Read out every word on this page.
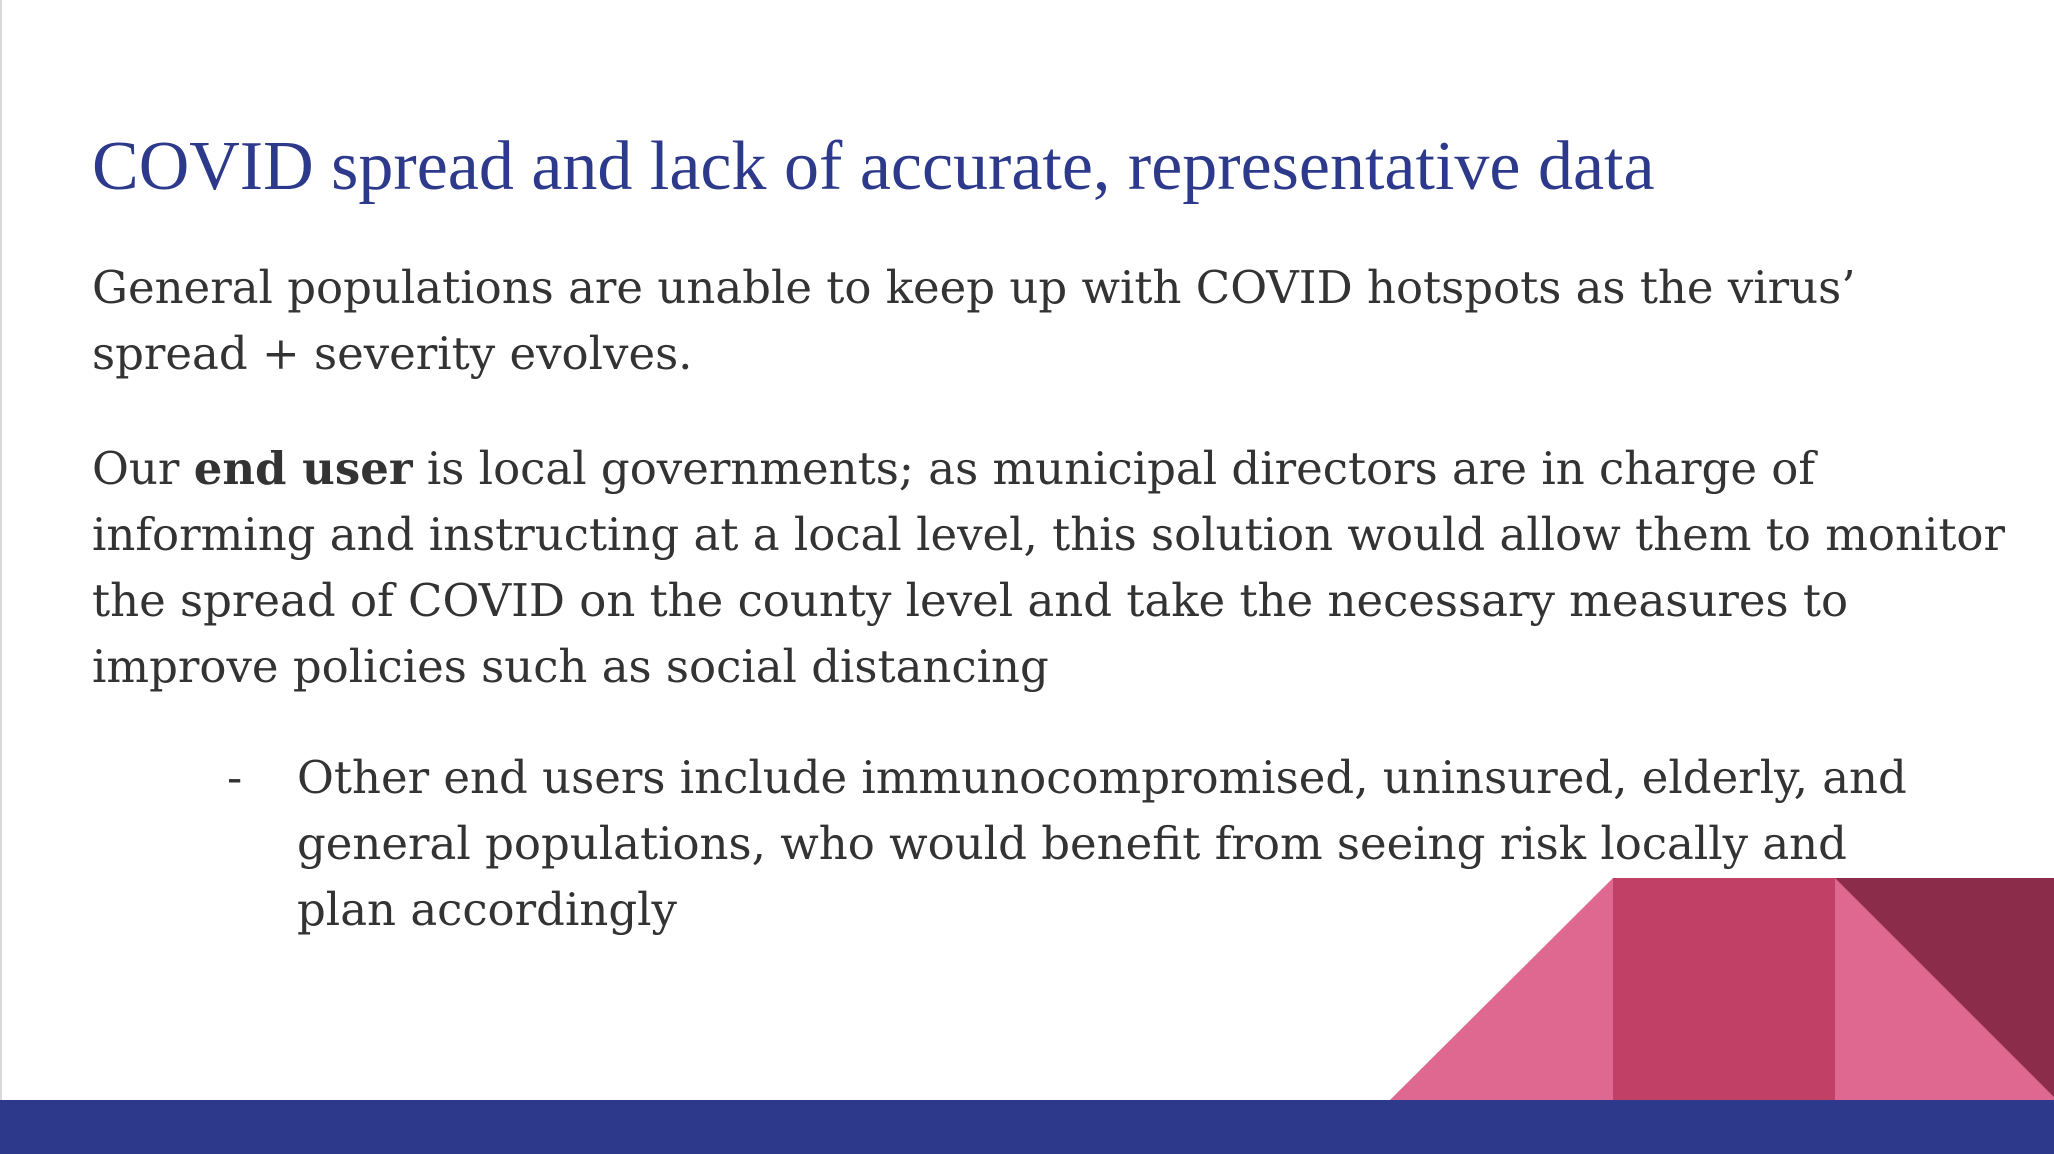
COVID spread and lack of accurate, representative data

General populations are unable to keep up with COVID hotspots as the virus’ spread + severity evolves.

Our end user is local governments; as municipal directors are in charge of informing and instructing at a local level, this solution would allow them to monitor the spread of COVID on the county level and take the necessary measures to improve policies such as social distancing

-	Other end users include immunocompromised, uninsured, elderly, and general populations, who would benefit from seeing risk locally and plan accordingly
